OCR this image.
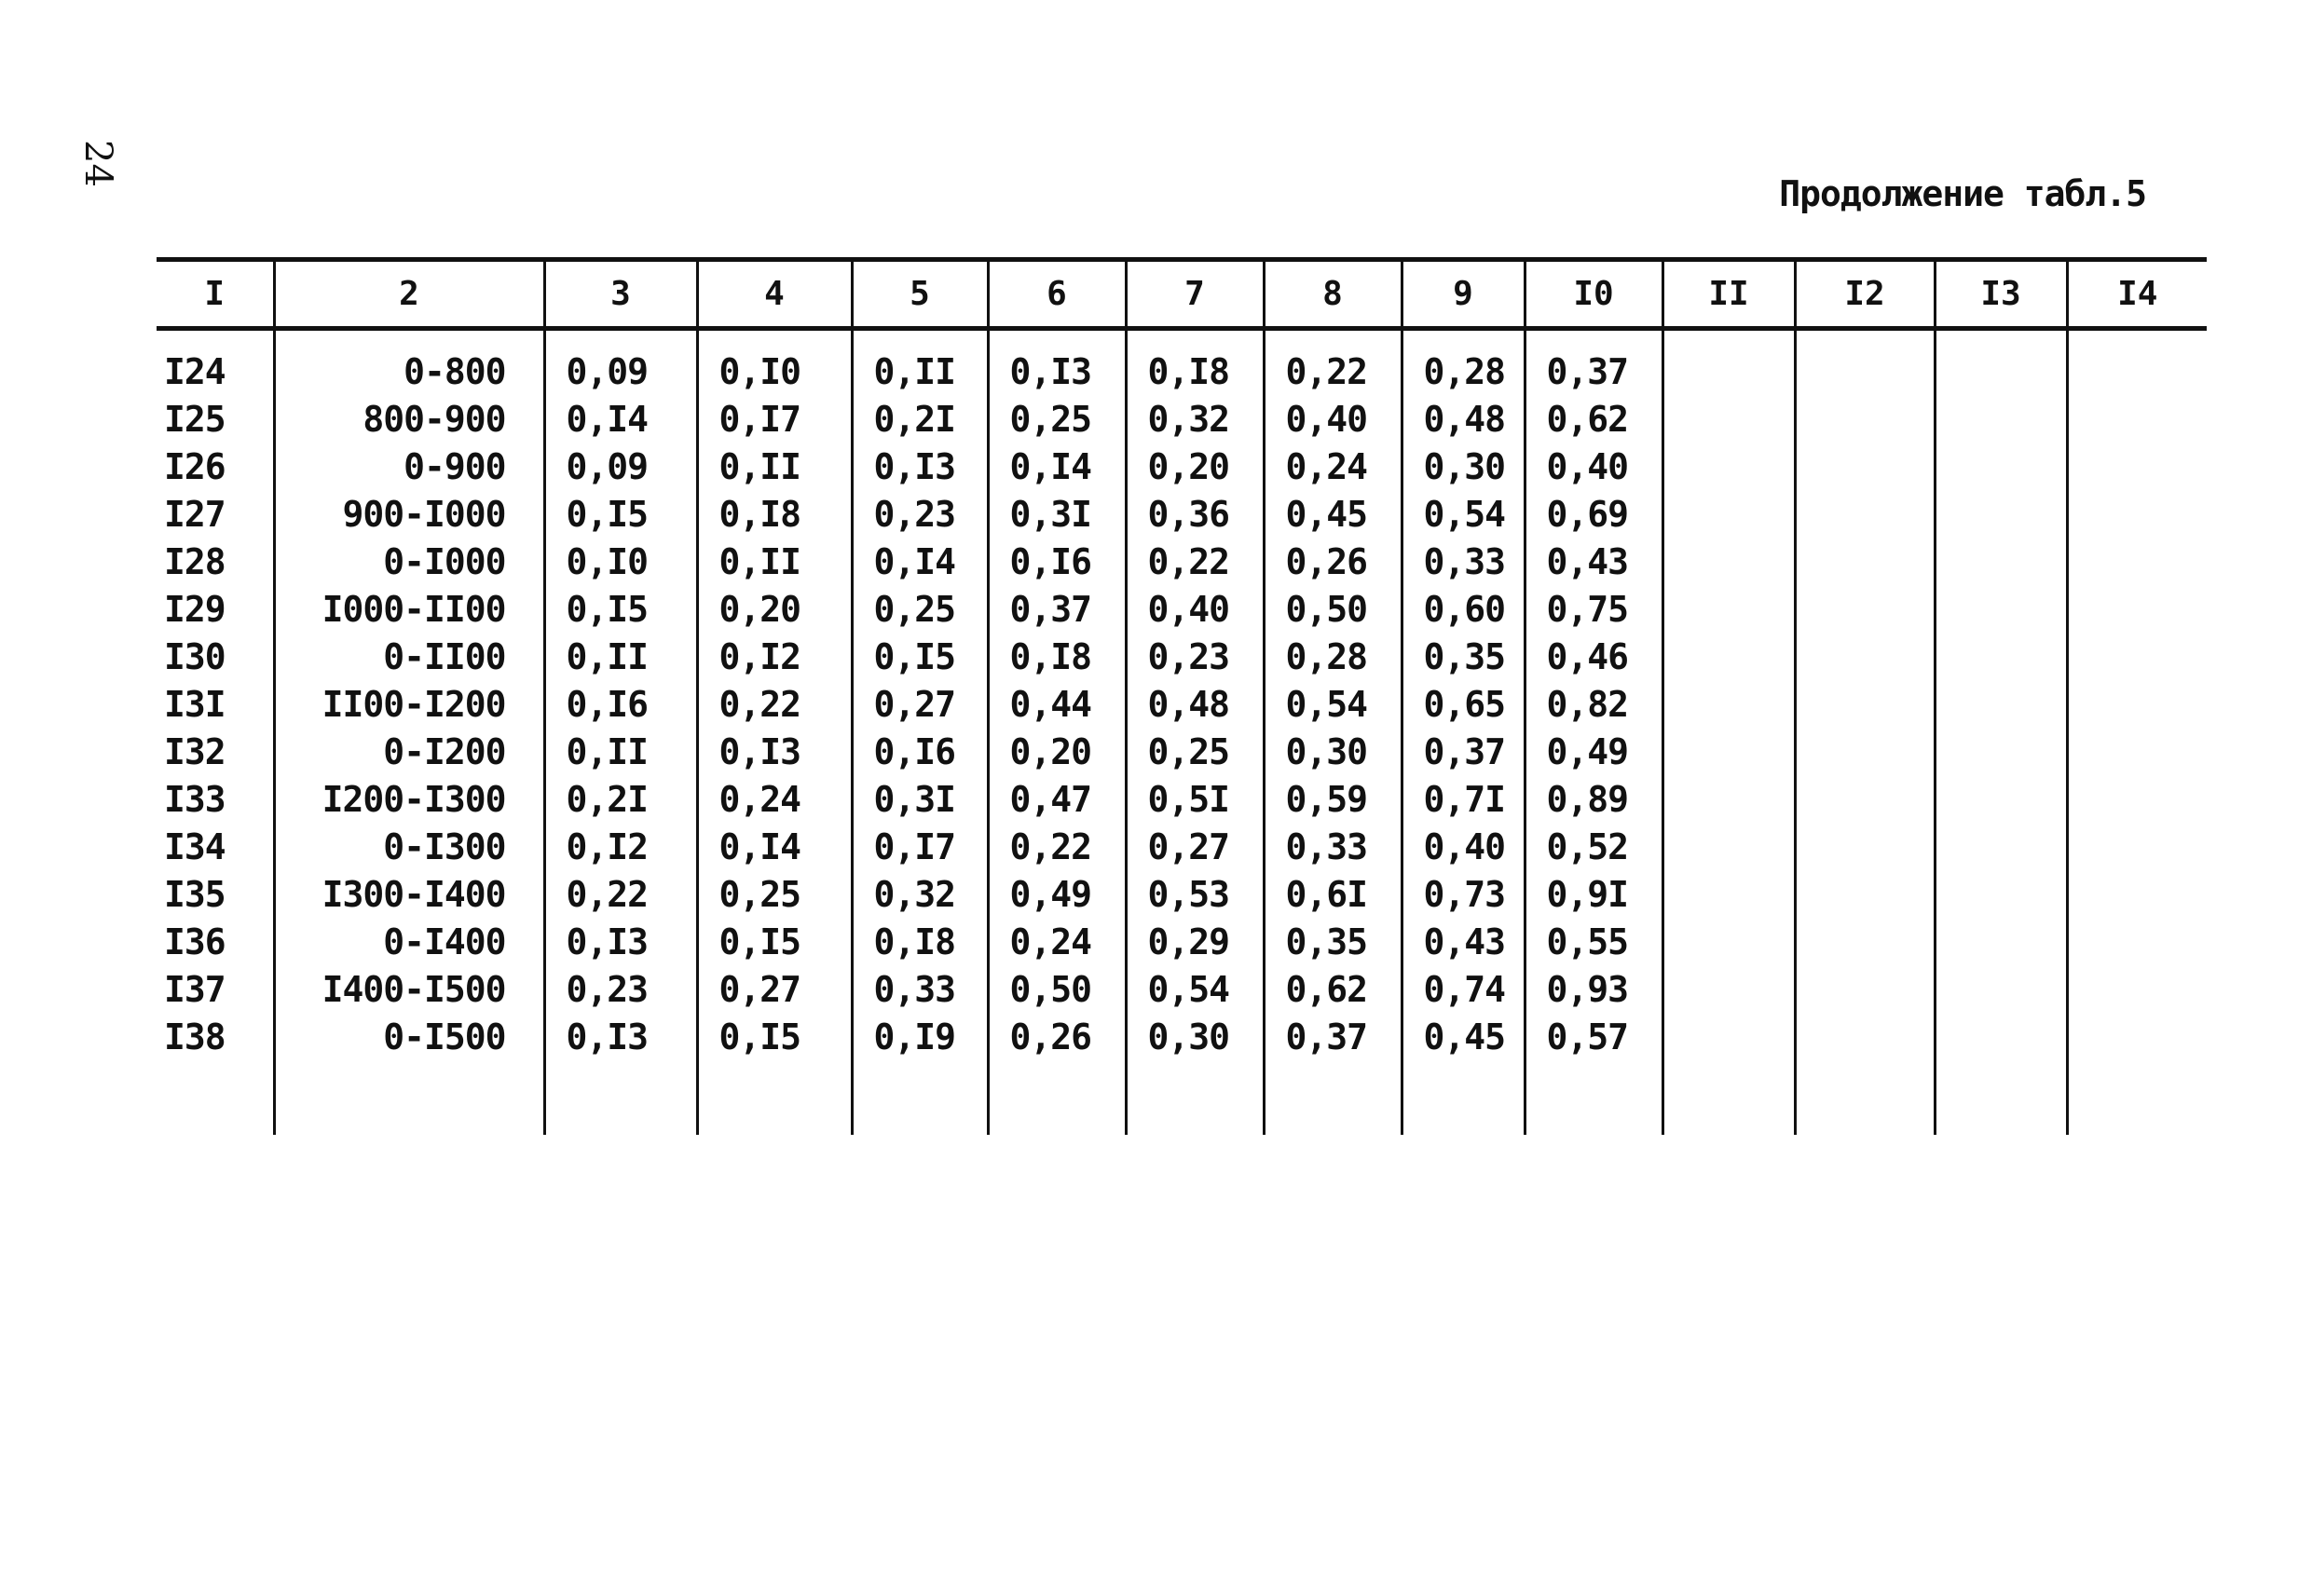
24
Продолжение табл.5
I	2	3	4	5	6	7	8	9	I0	II	I2	I3	I4
I24	0-800	0,09	0,I0	0,II	0,I3	0,I8	0,22	0,28	0,37				
I25	800-900	0,I4	0,I7	0,2I	0,25	0,32	0,40	0,48	0,62				
I26	0-900	0,09	0,II	0,I3	0,I4	0,20	0,24	0,30	0,40				
I27	900-I000	0,I5	0,I8	0,23	0,3I	0,36	0,45	0,54	0,69				
I28	0-I000	0,I0	0,II	0,I4	0,I6	0,22	0,26	0,33	0,43				
I29	I000-II00	0,I5	0,20	0,25	0,37	0,40	0,50	0,60	0,75				
I30	0-II00	0,II	0,I2	0,I5	0,I8	0,23	0,28	0,35	0,46				
I3I	II00-I200	0,I6	0,22	0,27	0,44	0,48	0,54	0,65	0,82				
I32	0-I200	0,II	0,I3	0,I6	0,20	0,25	0,30	0,37	0,49				
I33	I200-I300	0,2I	0,24	0,3I	0,47	0,5I	0,59	0,7I	0,89				
I34	0-I300	0,I2	0,I4	0,I7	0,22	0,27	0,33	0,40	0,52				
I35	I300-I400	0,22	0,25	0,32	0,49	0,53	0,6I	0,73	0,9I				
I36	0-I400	0,I3	0,I5	0,I8	0,24	0,29	0,35	0,43	0,55				
I37	I400-I500	0,23	0,27	0,33	0,50	0,54	0,62	0,74	0,93				
I38	0-I500	0,I3	0,I5	0,I9	0,26	0,30	0,37	0,45	0,57				
